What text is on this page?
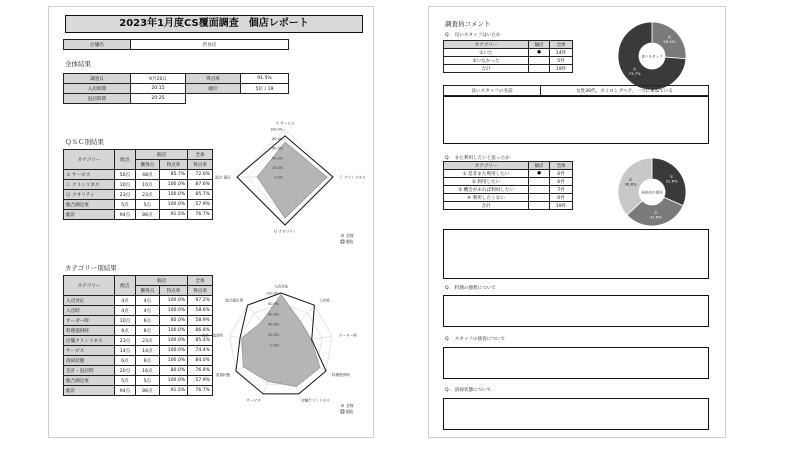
2023年1月度CS覆面調査　個店レポート
店舗名	渋谷店
全体結果
調査日	9月20日	得点率	91.5%
入店時間	20:15	順位	5位 / 19
退店時間	20:25		
ＱＳＣ別結果
カテゴリー	配点	個店		全体
		獲得点	得点率	得点率
Ｓ サービス	56点	48点	85.7%	72.6%
Ｃ クリンリネス	10点	10点	100.0%	87.6%
Ｑ クオリティ	23点	23点	100.0%	85.7%
総合満足度	5点	5点	100.0%	57.9%
総計	94点	86点	91.5%	76.7%
カテゴリー別結果
カテゴリー	配点	個店		全体
		獲得点	得点率	得点率
入店対応	4点	4点	100.0%	97.2%
入店時	4点	4点	100.0%	58.6%
オーダー時	10点	6点	60.0%	58.9%
料理提供時	8点	8点	100.0%	86.8%
店舗クリンリネス	23点	23点	100.0%	85.4%
サービス	14点	14点	100.0%	74.4%
清掃状態	6点	6点	100.0%	84.0%
会計・退店時	20点	16点	80.0%	76.8%
総合満足度	5点	5点	100.0%	57.9%
総計	94点	86点	91.5%	76.7%
100.0%
80.0%
60.0%
40.0%
20.0%
0.0%
Ｓ サービス
Ｃ クリンリネス
Ｑ クオリティ
総合 満足
全体
個店
100.0%
80.0%
60.0%
40.0%
20.0%
0.0%
入店対応
入店時
オーダー時
料理提供時
店舗クリンリネス
サービス
清掃状態
会計・退店時
総合満足度
全体
個店
調査員コメント
Q.　良いスタッフはいたか
カテゴリー	個店	全体
①いた	●	14件
②いなかった		5件
合計		19件
②
26.3%
①
73.7%
良いスタッフ
良いスタッフの名前	女性30代、セミロングヘア、一つに束ねている
Q.　また利用したいと思ったか
カテゴリー	個店	全体
① 是非また利用したい	●	6件
② 利用したい		6件
③ 機会があれば利用したい		7件
④ 利用したくない		0件
合計		19件
①
31.6%
②
31.6%
③
36.8%
再来店の意向
Q.　料理の感想について
Q.　スタッフの接客について
Q.　清掃状態について
